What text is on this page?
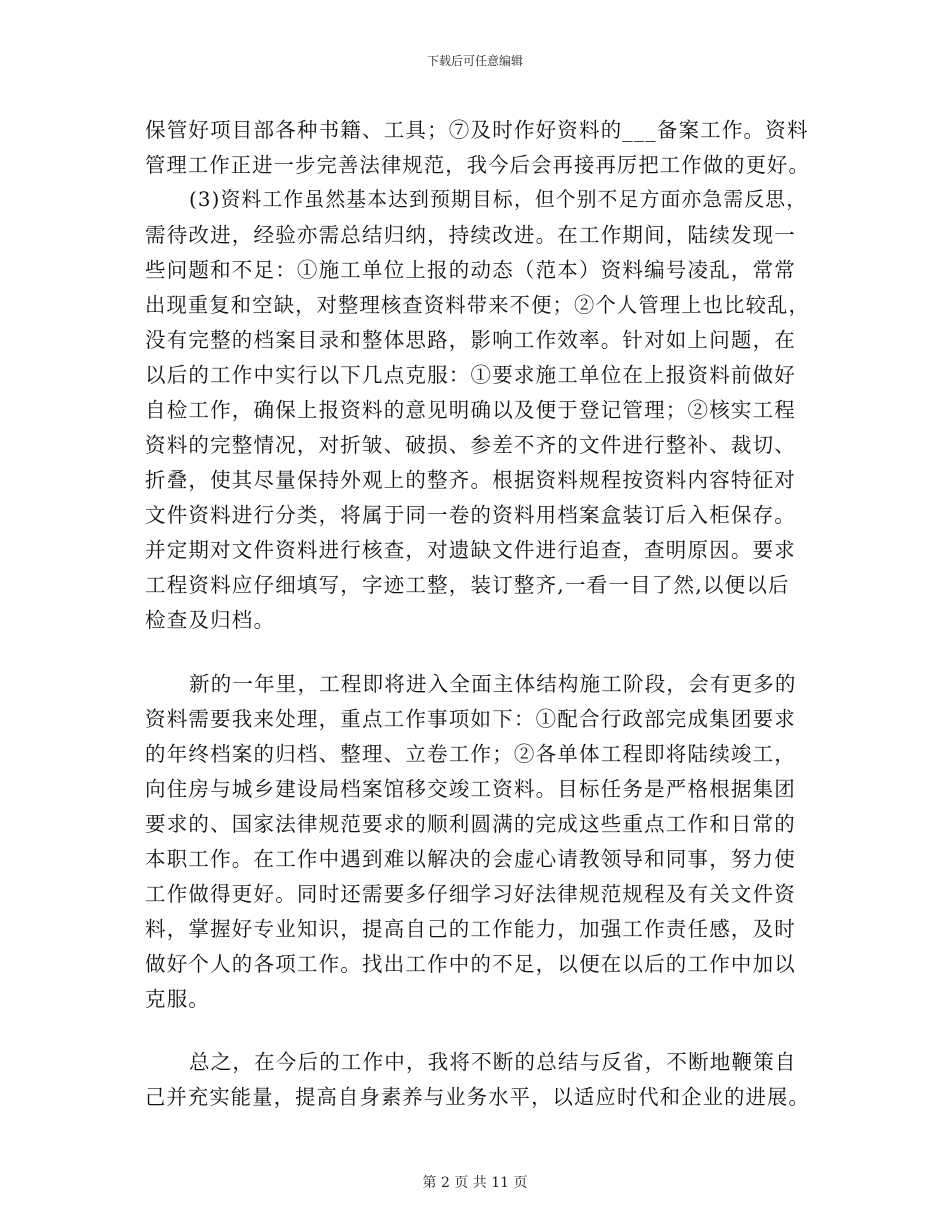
下载后可任意编辑
保管好项目部各种书籍、工具；⑦及时作好资料的___备案工作。资料
管理工作正进一步完善法律规范，我今后会再接再厉把工作做的更好。
(3)资料工作虽然基本达到预期目标，但个别不足方面亦急需反思，
需待改进，经验亦需总结归纳，持续改进。在工作期间，陆续发现一
些问题和不足：①施工单位上报的动态（范本）资料编号凌乱，常常
出现重复和空缺，对整理核查资料带来不便；②个人管理上也比较乱，
没有完整的档案目录和整体思路，影响工作效率。针对如上问题，在
以后的工作中实行以下几点克服：①要求施工单位在上报资料前做好
自检工作，确保上报资料的意见明确以及便于登记管理；②核实工程
资料的完整情况，对折皱、破损、参差不齐的文件进行整补、裁切、
折叠，使其尽量保持外观上的整齐。根据资料规程按资料内容特征对
文件资料进行分类，将属于同一卷的资料用档案盒装订后入柜保存。
并定期对文件资料进行核查，对遗缺文件进行追查，查明原因。要求
工程资料应仔细填写，字迹工整，装订整齐,一看一目了然,以便以后
检查及归档。
新的一年里，工程即将进入全面主体结构施工阶段，会有更多的
资料需要我来处理，重点工作事项如下：①配合行政部完成集团要求
的年终档案的归档、整理、立卷工作；②各单体工程即将陆续竣工，
向住房与城乡建设局档案馆移交竣工资料。目标任务是严格根据集团
要求的、国家法律规范要求的顺利圆满的完成这些重点工作和日常的
本职工作。在工作中遇到难以解决的会虚心请教领导和同事，努力使
工作做得更好。同时还需要多仔细学习好法律规范规程及有关文件资
料，掌握好专业知识，提高自己的工作能力，加强工作责任感，及时
做好个人的各项工作。找出工作中的不足，以便在以后的工作中加以
克服。
总之，在今后的工作中，我将不断的总结与反省，不断地鞭策自
己并充实能量，提高自身素养与业务水平，以适应时代和企业的进展。
第 2 页 共 11 页
